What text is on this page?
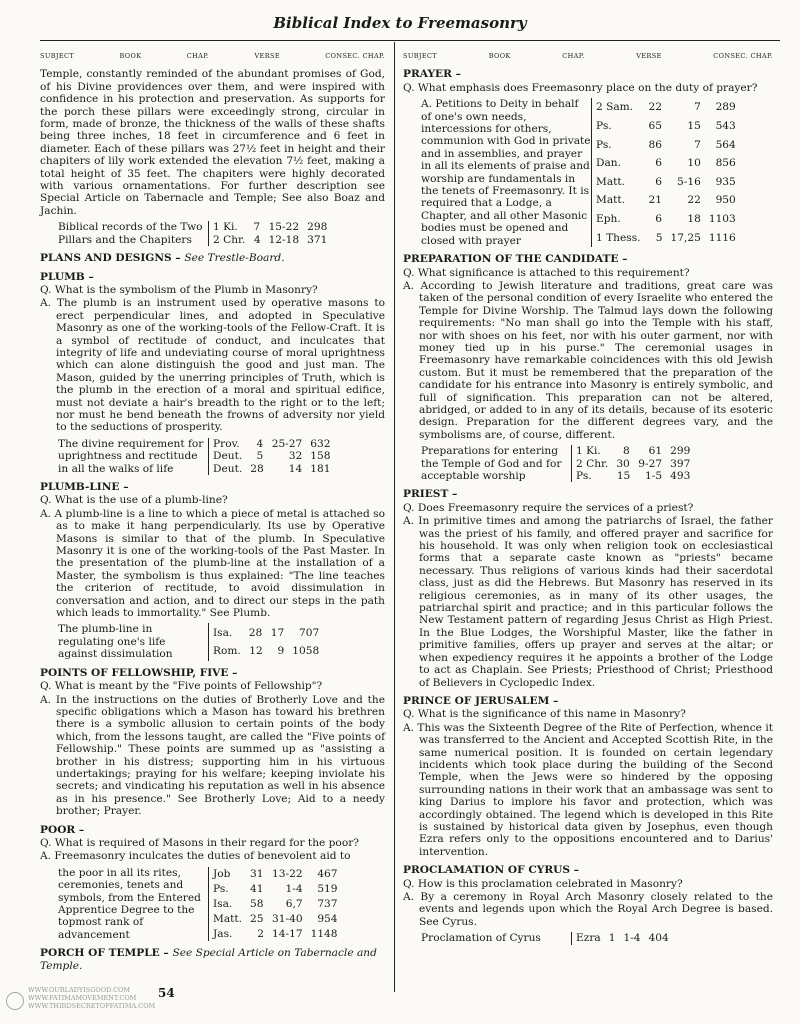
Biblical Index to Freemasonry
SUBJECT	BOOK	CHAP.	VERSE	CONSEC. CHAP.
Temple, constantly reminded of the abundant promises of God, of his Divine providences over them, and were inspired with confidence in his protection and preservation. As supports for the porch these pillars were exceedingly strong, circular in form, made of bronze, the thickness of the walls of these shafts being three inches, 18 feet in circumference and 6 feet in diameter. Each of these pillars was 27½ feet in height and their chapiters of lily work extended the elevation 7½ feet, making a total height of 35 feet. The chapiters were highly decorated with various ornamentations. For further description see Special Article on Tabernacle and Temple; See also Boaz and Jachin.
Biblical records of the Two Pillars and the Chapiters
1 Ki.	7	15-22	298
2 Chr.	4	12-18	371
PLANS AND DESIGNS – See Trestle-Board.
PLUMB –
Q. What is the symbolism of the Plumb in Masonry?
A. The plumb is an instrument used by operative masons to erect perpendicular lines, and adopted in Speculative Masonry as one of the working-tools of the Fellow-Craft. It is a symbol of rectitude of conduct, and inculcates that integrity of life and undeviating course of moral uprightness which can alone distinguish the good and just man. The Mason, guided by the unerring principles of Truth, which is the plumb in the erection of a moral and spiritual edifice, must not deviate a hair's breadth to the right or to the left; nor must he bend beneath the frowns of adversity nor yield to the seductions of prosperity.
The divine requirement for uprightness and rectitude in all the walks of life
Prov.	4	25-27	632
Deut.	5	32	158
Deut.	28	14	181
PLUMB-LINE –
Q. What is the use of a plumb-line?
A. A plumb-line is a line to which a piece of metal is attached so as to make it hang perpendicularly. Its use by Operative Masons is similar to that of the plumb. In Speculative Masonry it is one of the working-tools of the Past Master. In the presentation of the plumb-line at the installation of a Master, the symbolism is thus explained: "The line teaches the criterion of rectitude, to avoid dissimulation in conversation and action, and to direct our steps in the path which leads to immortality." See Plumb.
The plumb-line in regulating one's life against dissimulation
Isa.	28	17	707
Rom.	12	9	1058
POINTS OF FELLOWSHIP, FIVE –
Q. What is meant by the "Five points of Fellowship"?
A. In the instructions on the duties of Brotherly Love and the specific obligations which a Mason has toward his brethren there is a symbolic allusion to certain points of the body which, from the lessons taught, are called the "Five points of Fellowship." These points are summed up as "assisting a brother in his distress; supporting him in his virtuous undertakings; praying for his welfare; keeping inviolate his secrets; and vindicating his reputation as well in his absence as in his presence." See Brotherly Love; Aid to a needy brother; Prayer.
POOR –
Q. What is required of Masons in their regard for the poor?
A. Freemasonry inculcates the duties of benevolent aid to
the poor in all its rites, ceremonies, tenets and symbols, from the Entered Apprentice Degree to the topmost rank of advancement
Job	31	13-22	467
Ps.	41	1-4	519
Isa.	58	6,7	737
Matt.	25	31-40	954
Jas.	2	14-17	1148
PORCH OF TEMPLE – See Special Article on Tabernacle and Temple.
SUBJECT	BOOK	CHAP.	VERSE	CONSEC. CHAP.
PRAYER –
Q. What emphasis does Freemasonry place on the duty of prayer?
A. Petitions to Deity in behalf of one's own needs, intercessions for others, communion with God in private and in assemblies, and prayer in all its elements of praise and worship are fundamentals in the tenets of Freemasonry. It is required that a Lodge, a Chapter, and all other Masonic bodies must be opened and closed with prayer
2 Sam.	22	7	289
Ps.	65	15	543
Ps.	86	7	564
Dan.	6	10	856
Matt.	6	5-16	935
Matt.	21	22	950
Eph.	6	18	1103
1 Thess.	5	17,25	1116
PREPARATION OF THE CANDIDATE –
Q. What significance is attached to this requirement?
A. According to Jewish literature and traditions, great care was taken of the personal condition of every Israelite who entered the Temple for Divine Worship. The Talmud lays down the following requirements: "No man shall go into the Temple with his staff, nor with shoes on his feet, nor with his outer garment, nor with money tied up in his purse." The ceremonial usages in Freemasonry have remarkable coincidences with this old Jewish custom. But it must be remembered that the preparation of the candidate for his entrance into Masonry is entirely symbolic, and full of signification. This preparation can not be altered, abridged, or added to in any of its details, because of its esoteric design. Preparation for the different degrees vary, and the symbolisms are, of course, different.
Preparations for entering the Temple of God and for acceptable worship
1 Ki.	8	61	299
2 Chr.	30	9-27	397
Ps.	15	1-5	493
PRIEST –
Q. Does Freemasonry require the services of a priest?
A. In primitive times and among the patriarchs of Israel, the father was the priest of his family, and offered prayer and sacrifice for his household. It was only when religion took on ecclesiastical forms that a separate caste known as "priests" became necessary. Thus religions of various kinds had their sacerdotal class, just as did the Hebrews. But Masonry has reserved in its religious ceremonies, as in many of its other usages, the patriarchal spirit and practice; and in this particular follows the New Testament pattern of regarding Jesus Christ as High Priest. In the Blue Lodges, the Worshipful Master, like the father in primitive families, offers up prayer and serves at the altar; or when expediency requires it he appoints a brother of the Lodge to act as Chaplain. See Priests; Priesthood of Christ; Priesthood of Believers in Cyclopedic Index.
PRINCE OF JERUSALEM –
Q. What is the significance of this name in Masonry?
A. This was the Sixteenth Degree of the Rite of Perfection, whence it was transferred to the Ancient and Accepted Scottish Rite, in the same numerical position. It is founded on certain legendary incidents which took place during the building of the Second Temple, when the Jews were so hindered by the opposing surrounding nations in their work that an ambassage was sent to king Darius to implore his favor and protection, which was accordingly obtained. The legend which is developed in this Rite is sustained by historical data given by Josephus, even though Ezra refers only to the oppositions encountered and to Darius' intervention.
PROCLAMATION OF CYRUS –
Q. How is this proclamation celebrated in Masonry?
A. By a ceremony in Royal Arch Masonry closely related to the events and legends upon which the Royal Arch Degree is based. See Cyrus.
Proclamation of Cyrus	Ezra	1	1-4	404
54
WWW.OURLADYISGOOD.COM
WWW.FATIMAMOVEMENT.COM
WWW.THIRDSECRETOFFATIMA.COM
